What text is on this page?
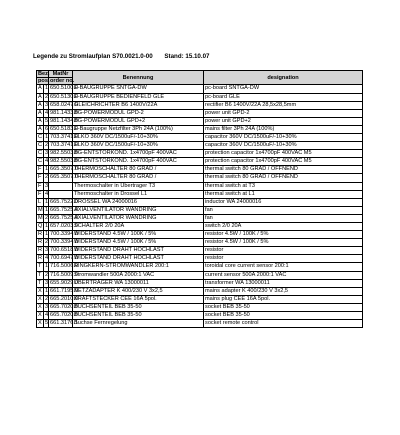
Legende zu Stromlaufplan S70.0021.0-00 Stand: 15.10.07
Bez.		MatNr	Benennung	designation
pos.		order no.		
A	1	650.5100.0	E-BAUGRUPPE SNTGA-DW	pc-board SNTGA-DW
A	2	650.5130.0	E-BAUGRUPPE BEDIENFELD GLE	pc-board GLE
A	3	658.0247.0	GLEICHRICHTER B6 1400V/22A	rectifier B6 1400V/22A 28,5x28,5mm
A	4	981.1433.0	BG-POWERMODUL GPD-2	power unit GPD-2
A	5	981.1434.0	BG-POWERMODUL GPD+2	power unit GPD+2
A	6	650.5183.0	E-Baugruppe Netzfilter 3Ph 24A (100%)	mains filter 3Ph 24A (100%)
C	1	703.3741.0	ELKO 360V DC/1500uF/-10+30%	capacitor 360V DC/1500uF/-10+30%
C	2	703.3741.0	ELKO 360V DC/1500uF/-10+30%	capacitor 360V DC/1500uF/-10+30%
C	3	982.5503.0	BG-ENTSTÖRKOND. 1x4700pF 400VAC	protection capacitor 1x4700pF 400VAC M5
C	4	982.5503.0	BG-ENTSTÖRKOND. 1x4700pF 400VAC	protection capacitor 1x4700pF 400VAC M5
F	1	665.3507.0	THERMOSCHALTER 80 GRAD /	thermal switch 80 GRAD / ÖFFNEND
F	2	665.3507.0	THERMOSCHALTER 80 GRAD /	thermal switch 80 GRAD / ÖFFNEND
F	3		Thermoschalter in Übertrager T3	thermal switch at T3
F	4		Thermoschalter in Drossel L1	thermal switch at L1
L	1	665.7522.0	DROSSEL WA 24000016	inductor WA 24000016
M	1	665.7525.0	AXIALVENTILATOR WANDRING	fan
M	2	665.7525.0	AXIALVENTILATOR WANDRING	fan
Q	1	657.0203.0	SCHALTER 2/0 20A	switch 2/0 20A
R	1	700.3394.0	WIDERSTAND 4.5W / 100K / 5%	resistor 4.5W / 100K / 5%
R	2	700.3394.0	WIDERSTAND 4.5W / 100K / 5%	resistor 4.5W / 100K / 5%
R	3	700.6518.0	WIDERSTAND DRAHT HOCHLAST	resistor
R	4	700.6947.0	WIDERSTAND DRAHT HOCHLAST	resistor
T	1	716.5006.0	RINGKERN-STROMWANDLER 200:1	toroidal core current sensor 200:1
T	2	716.5009.0	Stromwandler 500A 2000:1 VAC	current sensor 500A 2000:1 VAC
T	3	655.9029.0	ÜBERTRAGER WA 13000011	transformer WA 13000011
X	1	661.7195.0	NETZADAPTER K 400/230 V 3x2,5	mains adapter K 400/230 V 3x2,5
X	2	665.2010.0	KRAFTSTECKER CEE 16A 5pol.	mains plug CEE 16A 5pol.
X	3	665.7020.0	BUCHSENTEIL BEB 35-50	socket BEB 35-50
X	4	665.7020.0	BUCHSENTEIL BEB 35-50	socket BEB 35-50
X	5	661.3176.1	Buchse Fernregelung	socket remote control
